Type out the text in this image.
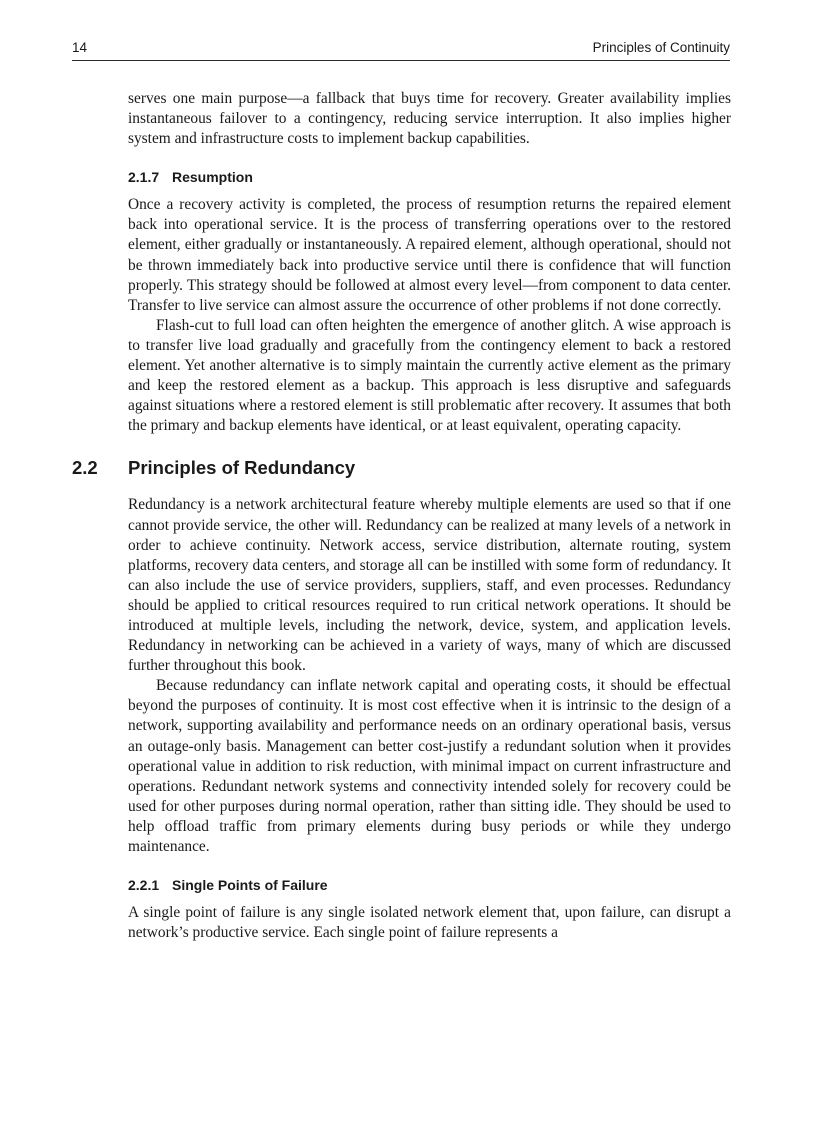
14	Principles of Continuity

serves one main purpose—a fallback that buys time for recovery. Greater availability implies instantaneous failover to a contingency, reducing service interruption. It also implies higher system and infrastructure costs to implement backup capabilities.

2.1.7 Resumption

Once a recovery activity is completed, the process of resumption returns the repaired element back into operational service. It is the process of transferring operations over to the restored element, either gradually or instantaneously. A repaired element, although operational, should not be thrown immediately back into productive service until there is confidence that will function properly. This strategy should be followed at almost every level—from component to data center. Transfer to live service can almost assure the occurrence of other problems if not done correctly.

Flash-cut to full load can often heighten the emergence of another glitch. A wise approach is to transfer live load gradually and gracefully from the contingency element to back a restored element. Yet another alternative is to simply maintain the currently active element as the primary and keep the restored element as a backup. This approach is less disruptive and safeguards against situations where a restored element is still problematic after recovery. It assumes that both the primary and backup elements have identical, or at least equivalent, operating capacity.

2.2 Principles of Redundancy

Redundancy is a network architectural feature whereby multiple elements are used so that if one cannot provide service, the other will. Redundancy can be realized at many levels of a network in order to achieve continuity. Network access, service distribution, alternate routing, system platforms, recovery data centers, and storage all can be instilled with some form of redundancy. It can also include the use of service providers, suppliers, staff, and even processes. Redundancy should be applied to critical resources required to run critical network operations. It should be introduced at multiple levels, including the network, device, system, and application levels. Redundancy in networking can be achieved in a variety of ways, many of which are discussed further throughout this book.

Because redundancy can inflate network capital and operating costs, it should be effectual beyond the purposes of continuity. It is most cost effective when it is intrinsic to the design of a network, supporting availability and performance needs on an ordinary operational basis, versus an outage-only basis. Management can better cost-justify a redundant solution when it provides operational value in addition to risk reduction, with minimal impact on current infrastructure and operations. Redundant network systems and connectivity intended solely for recovery could be used for other purposes during normal operation, rather than sitting idle. They should be used to help offload traffic from primary elements during busy periods or while they undergo maintenance.

2.2.1 Single Points of Failure

A single point of failure is any single isolated network element that, upon failure, can disrupt a network’s productive service. Each single point of failure represents a
